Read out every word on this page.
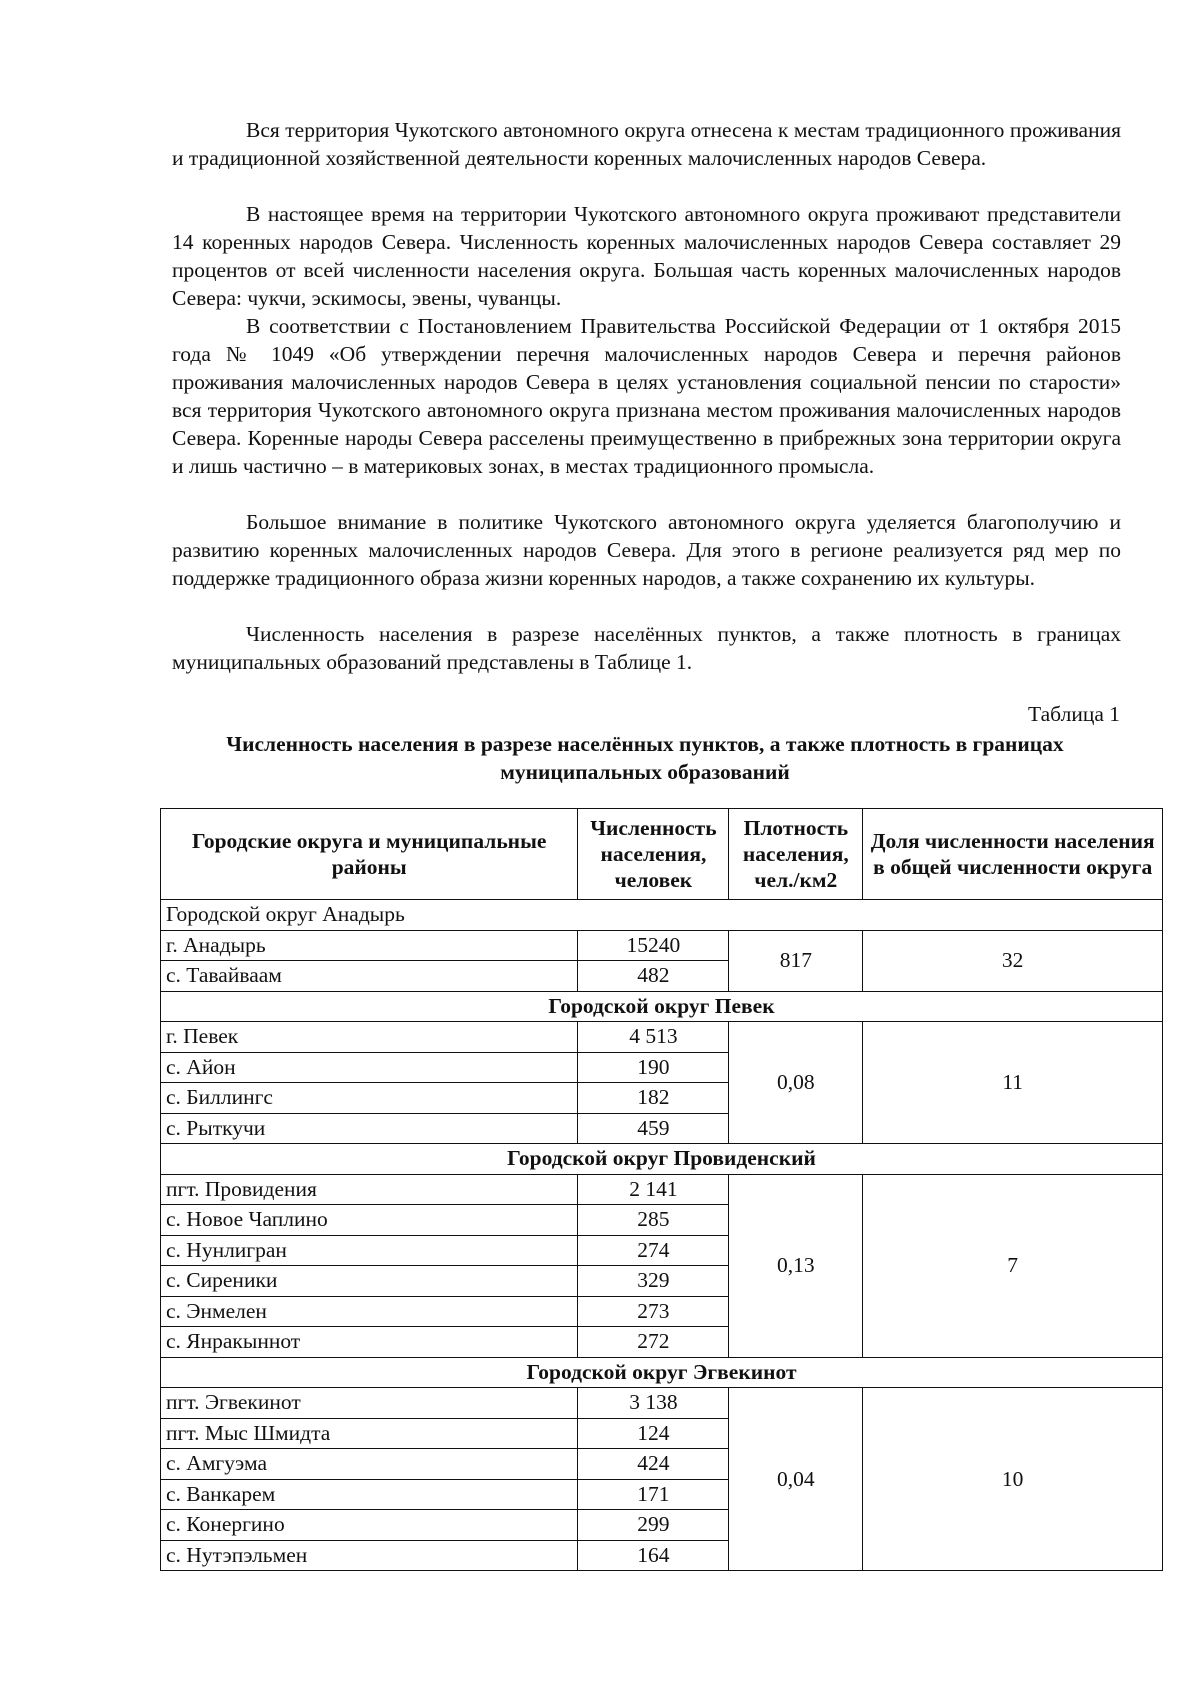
Вся территория Чукотского автономного округа отнесена к местам традиционного проживания и традиционной хозяйственной деятельности коренных малочисленных народов Севера.

В настоящее время на территории Чукотского автономного округа проживают представители 14 коренных народов Севера. Численность коренных малочисленных народов Севера составляет 29 процентов от всей численности населения округа. Большая часть коренных малочисленных народов Севера: чукчи, эскимосы, эвены, чуванцы.

В соответствии с Постановлением Правительства Российской Федерации от 1 октября 2015 года № 1049 «Об утверждении перечня малочисленных народов Севера и перечня районов проживания малочисленных народов Севера в целях установления социальной пенсии по старости» вся территория Чукотского автономного округа признана местом проживания малочисленных народов Севера. Коренные народы Севера расселены преимущественно в прибрежных зона территории округа и лишь частично – в материковых зонах, в местах традиционного промысла.

Большое внимание в политике Чукотского автономного округа уделяется благополучию и развитию коренных малочисленных народов Севера. Для этого в регионе реализуется ряд мер по поддержке традиционного образа жизни коренных народов, а также сохранению их культуры.

Численность населения в разрезе населённых пунктов, а также плотность в границах муниципальных образований представлены в Таблице 1.

Таблица 1

Численность населения в разрезе населённых пунктов, а также плотность в границах муниципальных образований

Городские округа и муниципальные районы	Численность населения, человек	Плотность населения, чел./км2	Доля численности населения в общей численности округа
Городской округ Анадырь			
г. Анадырь	15240	817	32
с. Тавайваам	482		
Городской округ Певек			
г. Певек	4 513	0,08	11
с. Айон	190		
с. Биллингс	182		
с. Рыткучи	459		
Городской округ Провиденский			
пгт. Провидения	2 141	0,13	7
с. Новое Чаплино	285		
с. Нунлигран	274		
с. Сиреники	329		
с. Энмелен	273		
с. Янракыннот	272		
Городской округ Эгвекинот			
пгт. Эгвекинот	3 138	0,04	10
пгт. Мыс Шмидта	124		
с. Амгуэма	424		
с. Ванкарем	171		
с. Конергино	299		
с. Нутэпэльмен	164		
